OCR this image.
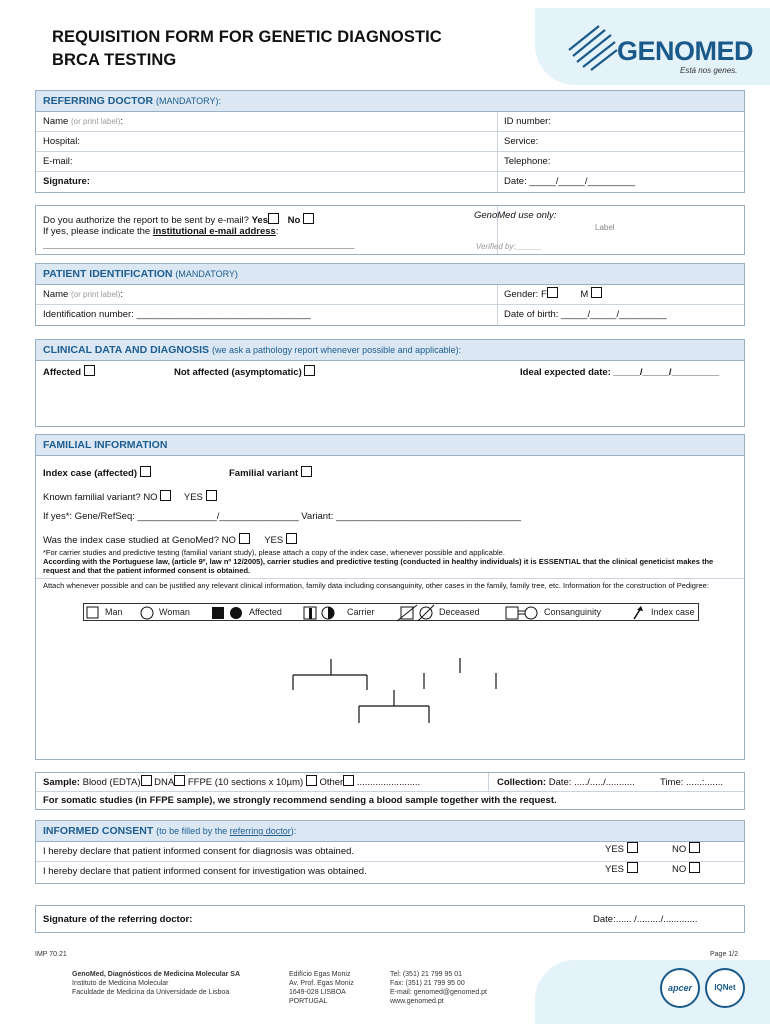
REQUISITION FORM FOR GENETIC DIAGNOSTIC
BRCA TESTING	GENOMED
Está nos genes.
REFERRING DOCTOR (MANDATORY):
Name (or print label):	ID number:
Hospital:	Service:
E-mail:	Telephone:
Signature:	Date: _____/_____/_________
Do you authorize the report to be sent by e-mail? Yes No
If yes, please indicate the institutional e-mail address:
______________________________________________________________________
GenoMed use only:
Label
Verified by:______
PATIENT IDENTIFICATION (MANDATORY)
Name (or print label):	Gender: F	M
Identification number: _________________________________	Date of birth: _____/_____/_________
CLINICAL DATA AND DIAGNOSIS (we ask a pathology report whenever possible and applicable):
Affected	Not affected (asymptomatic)	Ideal expected date: _____/_____/_________
FAMILIAL INFORMATION
Index case (affected)	Familial variant
Known familial variant? NO	YES
If yes*: Gene/RefSeq: _______________/_______________ Variant: ___________________________________
Was the index case studied at GenoMed? NO	YES
*For carrier studies and predictive testing (familial variant study), please attach a copy of the index case, whenever possible and applicable.
According with the Portuguese law, (article 9º, law nº 12/2005), carrier studies and predictive testing (conducted in healthy individuals) it is ESSENTIAL that the clinical geneticist makes the request and that the patient informed consent is obtained.
Attach whenever possible and can be justified any relevant clinical information, family data including consanguinity, other cases in the family, family tree, etc. Information for the construction of Pedigree:
Man	Woman	Affected	Carrier	Deceased	Consanguinity	Index case
Sample: Blood (EDTA) DNA FFPE (10 sections x 10µm) Other ........................	Collection: Date: ...../...../...........	Time: ......:.......
For somatic studies (in FFPE sample), we strongly recommend sending a blood sample together with the request.
INFORMED CONSENT (to be filled by the referring doctor):
I hereby declare that patient informed consent for diagnosis was obtained.	YES	NO
I hereby declare that patient informed consent for investigation was obtained.	YES	NO
Signature of the referring doctor:	Date:...... /........./.............
IMP 70.21	Page 1/2
GenoMed, Diagnósticos de Medicina Molecular SA
Instituto de Medicina Molecular
Faculdade de Medicina da Universidade de Lisboa
Edifício Egas Moniz
Av. Prof. Egas Moniz
1649-028 LISBOA
PORTUGAL
Tel: (351) 21 799 95 01
Fax: (351) 21 799 95 00
E-mail: genomed@genomed.pt
www.genomed.pt
apcer	IQNet
